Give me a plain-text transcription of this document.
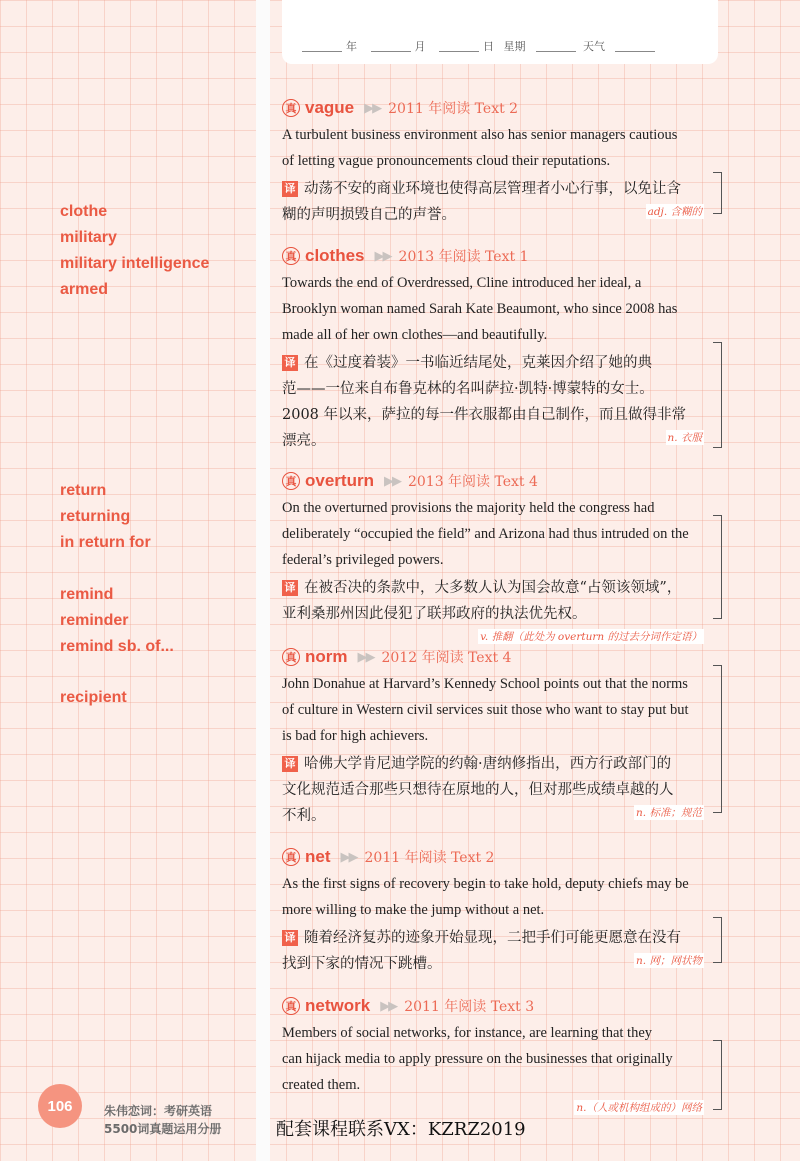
年	月	日 星期	天气
clothe
military
military intelligence
armed
return
returning
in return for
remind
reminder
remind sb. of...
recipient
真 vague ▶▶ 2011 年阅读 Text 2
A turbulent business environment also has senior managers cautious
of letting vague pronouncements cloud their reputations.
译 动荡不安的商业环境也使得高层管理者小心行事，以免让含
糊的声明损毁自己的声誉。	adj. 含糊的
真 clothes ▶▶ 2013 年阅读 Text 1
Towards the end of Overdressed, Cline introduced her ideal, a
Brooklyn woman named Sarah Kate Beaumont, who since 2008 has
made all of her own clothes—and beautifully.
译 在《过度着装》一书临近结尾处，克莱因介绍了她的典
范——一位来自布鲁克林的名叫萨拉·凯特·博蒙特的女士。
2008 年以来，萨拉的每一件衣服都由自己制作，而且做得非常
漂亮。	n. 衣服
真 overturn ▶▶ 2013 年阅读 Text 4
On the overturned provisions the majority held the congress had
deliberately “occupied the field” and Arizona had thus intruded on the
federal’s privileged powers.
译 在被否决的条款中，大多数人认为国会故意“占领该领域”，
亚利桑那州因此侵犯了联邦政府的执法优先权。
v. 推翻（此处为 overturn 的过去分词作定语）
真 norm ▶▶ 2012 年阅读 Text 4
John Donahue at Harvard’s Kennedy School points out that the norms
of culture in Western civil services suit those who want to stay put but
is bad for high achievers.
译 哈佛大学肯尼迪学院的约翰·唐纳修指出，西方行政部门的
文化规范适合那些只想待在原地的人，但对那些成绩卓越的人
不利。	n. 标准；规范
真 net ▶▶ 2011 年阅读 Text 2
As the first signs of recovery begin to take hold, deputy chiefs may be
more willing to make the jump without a net.
译 随着经济复苏的迹象开始显现，二把手们可能更愿意在没有
找到下家的情况下跳槽。	n. 网；网状物
真 network ▶▶ 2011 年阅读 Text 3
Members of social networks, for instance, are learning that they
can hijack media to apply pressure on the businesses that originally
created them.
n.（人或机构组成的）网络
106	朱伟恋词：考研英语
5500词真题运用分册	配套课程联系VX：KZRZ2019
